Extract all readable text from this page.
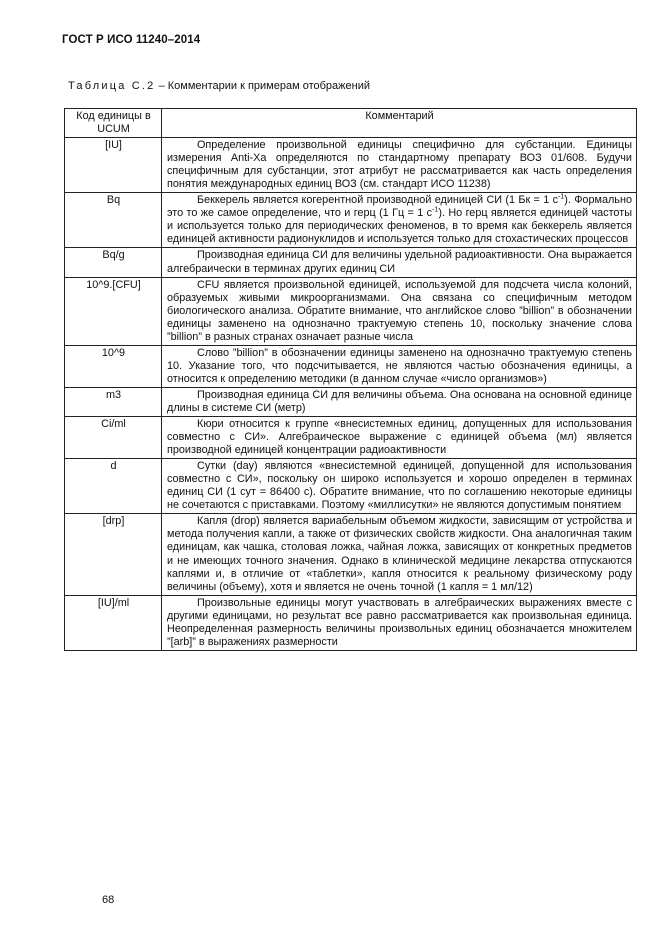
ГОСТ Р ИСО 11240–2014
Таблица С.2 – Комментарии к примерам отображений
Код единицы в UCUM	Комментарий
[IU]	Определение произвольной единицы специфично для субстанции. Единицы измерения Anti-Xa определяются по стандартному препарату ВОЗ 01/608. Будучи специфичным для субстанции, этот атрибут не рассматривается как часть определения понятия международных единиц ВОЗ (см. стандарт ИСО 11238)

Bq	Беккерель является когерентной производной единицей СИ (1 Бк = 1 $с^{-1}$). Формально это то же самое определение, что и герц (1 Гц = 1 $с^{-1}$). Но герц является единицей частоты и используется только для периодических феноменов, в то время как беккерель является единицей активности радионуклидов и используется только для стохастических процессов

Bq/g	Производная единица СИ для величины удельной радиоактивности. Она выражается алгебраически в терминах других единиц СИ

10^9.[CFU]	CFU является произвольной единицей, используемой для подсчета числа колоний, образуемых живыми микроорганизмами. Она связана со специфичным методом биологического анализа. Обратите внимание, что английское слово ”billion” в обозначении единицы заменено на однозначно трактуемую степень 10, поскольку значение слова ”billion” в разных странах означает разные числа

10^9	Слово ”billion” в обозначении единицы заменено на однозначно трактуемую степень 10. Указание того, что подсчитывается, не являются частью обозначения единицы, а относится к определению методики (в данном случае «число организмов»)

m3	Производная единица СИ для величины объема. Она основана на основной единице длины в системе СИ (метр)

Ci/ml	Кюри относится к группе «внесистемных единиц, допущенных для использования совместно с СИ». Алгебраическое выражение с единицей объема (мл) является производной единицей концентрации радиоактивности

d	Сутки (day) являются «внесистемной единицей, допущенной для использования совместно с СИ», поскольку он широко используется и хорошо определен в терминах единиц СИ (1 сут = 86400 с). Обратите внимание, что по соглашению некоторые единицы не сочетаются с приставками. Поэтому «миллисутки» не являются допустимым понятием

[drp]	Капля (drop) является вариабельным объемом жидкости, зависящим от устройства и метода получения капли, а также от физических свойств жидкости. Она аналогичная таким единицам, как чашка, столовая ложка, чайная ложка, зависящих от конкретных предметов и не имеющих точного значения. Однако в клинической медицине лекарства отпускаются каплями и, в отличие от «таблетки», капля относится к реальному физическому роду величины (объему), хотя и является не очень точной (1 капля = 1 мл/12)

[IU]/ml	Произвольные единицы могут участвовать в алгебраических выражениях вместе с другими единицами, но результат все равно рассматривается как произвольная единица. Неопределенная размерность величины произвольных единиц обозначается множителем ”[arb]” в выражениях размерности

68
